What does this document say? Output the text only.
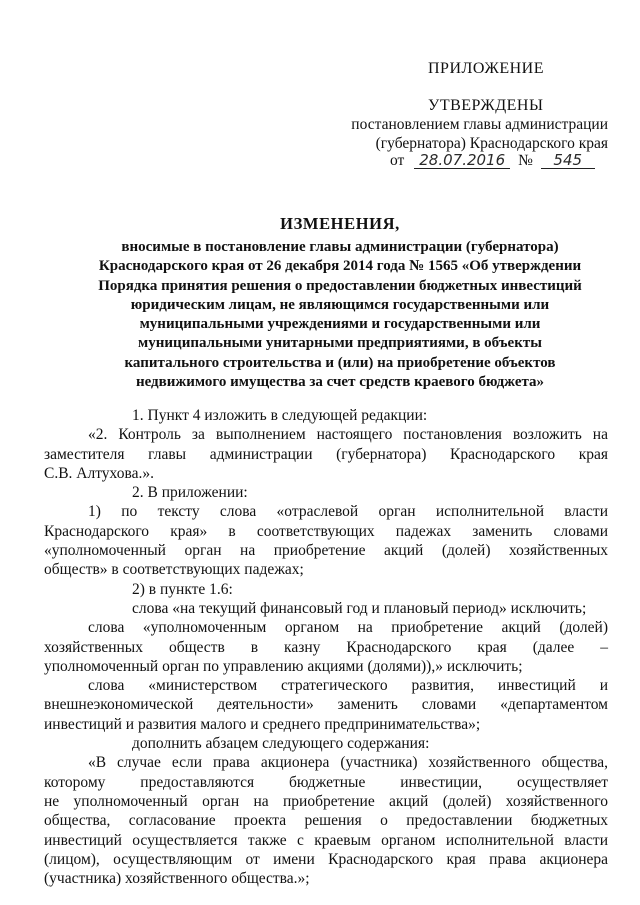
ПРИЛОЖЕНИЕ
УТВЕРЖДЕНЫ
постановлением главы администрации
(губернатора) Краснодарского края
от 28.07.2016 № 545
ИЗМЕНЕНИЯ,
вносимые в постановление главы администрации (губернатора)
Краснодарского края от 26 декабря 2014 года № 1565 «Об утверждении
Порядка принятия решения о предоставлении бюджетных инвестиций
юридическим лицам, не являющимся государственными или
муниципальными учреждениями и государственными или
муниципальными унитарными предприятиями, в объекты
капитального строительства и (или) на приобретение объектов
недвижимого имущества за счет средств краевого бюджета»
1. Пункт 4 изложить в следующей редакции:
«2. Контроль за выполнением настоящего постановления возложить на
заместителя главы администрации (губернатора) Краснодарского края
С.В. Алтухова.».
2. В приложении:
1) по тексту слова «отраслевой орган исполнительной власти
Краснодарского края» в соответствующих падежах заменить словами
«уполномоченный орган на приобретение акций (долей) хозяйственных
обществ» в соответствующих падежах;
2) в пункте 1.6:
слова «на текущий финансовый год и плановый период» исключить;
слова «уполномоченным органом на приобретение акций (долей)
хозяйственных обществ в казну Краснодарского края (далее –
уполномоченный орган по управлению акциями (долями)),» исключить;
слова «министерством стратегического развития, инвестиций и
внешнеэкономической деятельности» заменить словами «департаментом
инвестиций и развития малого и среднего предпринимательства»;
дополнить абзацем следующего содержания:
«В случае если права акционера (участника) хозяйственного общества,
которому предоставляются бюджетные инвестиции, осуществляет
не уполномоченный орган на приобретение акций (долей) хозяйственного
общества, согласование проекта решения о предоставлении бюджетных
инвестиций осуществляется также с краевым органом исполнительной власти
(лицом), осуществляющим от имени Краснодарского края права акционера
(участника) хозяйственного общества.»;
